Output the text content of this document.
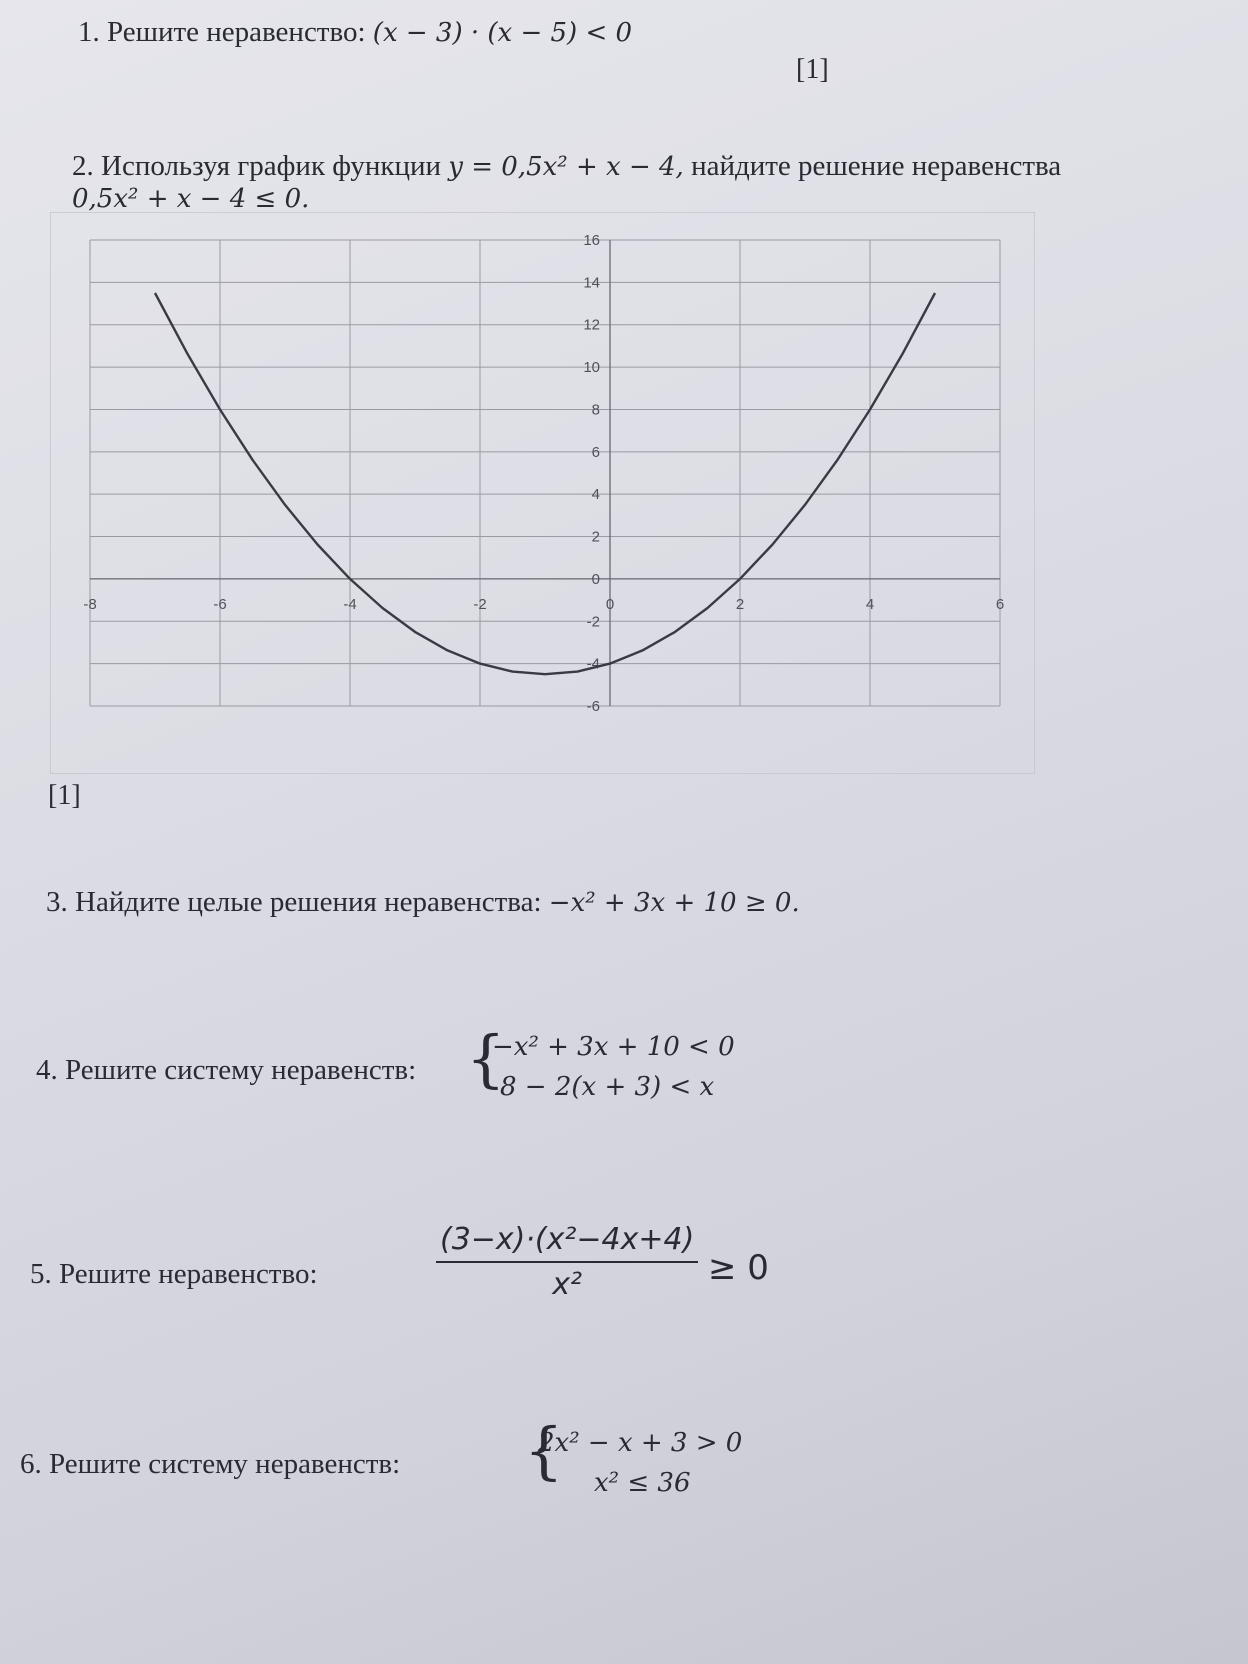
1. Решите неравенство: (x − 3) · (x − 5) < 0
[1]
2. Используя график функции y = 0,5x² + x − 4, найдите решение неравенства
0,5x² + x − 4 ≤ 0.
-8	-6	-4	-2	0	2	4	6
16
14
12
10
8
6
4
2
0
-2
-4
-6
[1]
3. Найдите целые решения неравенства: −x² + 3x + 10 ≥ 0.
4. Решите систему неравенств: {
−x² + 3x + 10 < 0
8 − 2(x + 3) < x
5. Решите неравенство:	$\frac{\text{(3−x)·(x²−4x+4)}}{\text{x²}} \ge 0$
6. Решите систему неравенств: {
2x² − x + 3 > 0
x² ≤ 36
